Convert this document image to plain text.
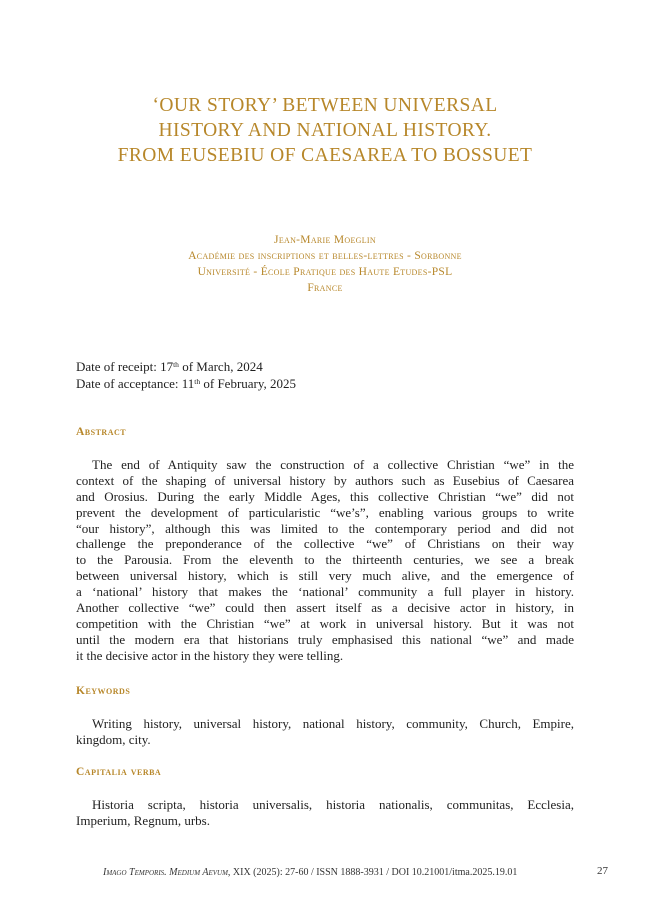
‘OUR STORY’ BETWEEN UNIVERSAL
HISTORY AND NATIONAL HISTORY.
FROM EUSEBIU OF CAESAREA TO BOSSUET
Jean-Marie Moeglin
Académie des inscriptions et belles-lettres - Sorbonne
Université - École Pratique des Haute Etudes-PSL
France
Date of receipt: 17th of March, 2024
Date of acceptance: 11th of February, 2025
Abstract
The end of Antiquity saw the construction of a collective Christian “we” in the
context of the shaping of universal history by authors such as Eusebius of Caesarea
and Orosius. During the early Middle Ages, this collective Christian “we” did not
prevent the development of particularistic “we’s”, enabling various groups to write
“our history”, although this was limited to the contemporary period and did not
challenge the preponderance of the collective “we” of Christians on their way
to the Parousia. From the eleventh to the thirteenth centuries, we see a break
between universal history, which is still very much alive, and the emergence of
a ‘national’ history that makes the ‘national’ community a full player in history.
Another collective “we” could then assert itself as a decisive actor in history, in
competition with the Christian “we” at work in universal history. But it was not
until the modern era that historians truly emphasised this national “we” and made
it the decisive actor in the history they were telling.
Keywords
Writing history, universal history, national history, community, Church, Empire,
kingdom, city.
Capitalia verba
Historia scripta, historia universalis, historia nationalis, communitas, Ecclesia,
Imperium, Regnum, urbs.
Imago Temporis. Medium Aevum, XIX (2025): 27-60 / ISSN 1888-3931 / DOI 10.21001/itma.2025.19.01	27
